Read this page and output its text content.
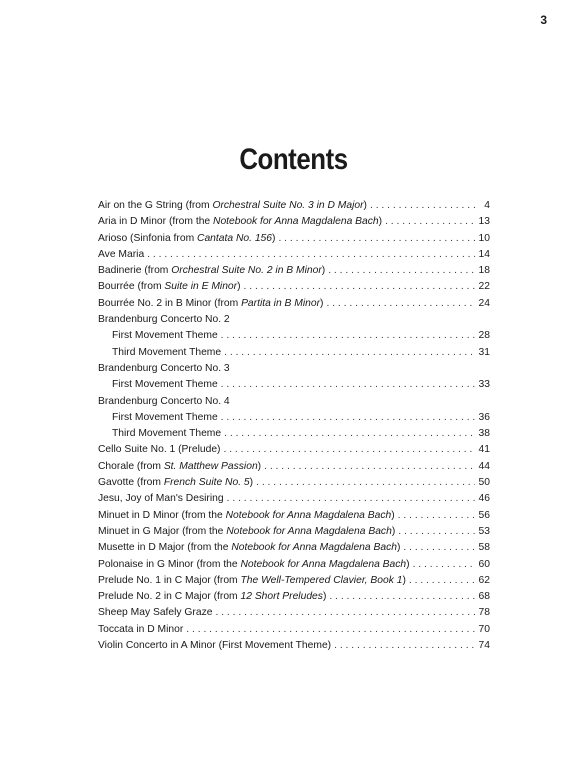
3
Contents
Air on the G String (from Orchestral Suite No. 3 in D Major) . . .	4
Aria in D Minor (from the Notebook for Anna Magdalena Bach) . . .	13
Arioso (Sinfonia from Cantata No. 156) . . .	10
Ave Maria . . .	14
Badinerie (from Orchestral Suite No. 2 in B Minor) . . .	18
Bourrée (from Suite in E Minor) . . .	22
Bourrée No. 2 in B Minor (from Partita in B Minor) . . .	24
Brandenburg Concerto No. 2
First Movement Theme . . .	28
Third Movement Theme . . .	31
Brandenburg Concerto No. 3
First Movement Theme . . .	33
Brandenburg Concerto No. 4
First Movement Theme . . .	36
Third Movement Theme . . .	38
Cello Suite No. 1 (Prelude) . . .	41
Chorale (from St. Matthew Passion) . . .	44
Gavotte (from French Suite No. 5) . . .	50
Jesu, Joy of Man's Desiring . . .	46
Minuet in D Minor (from the Notebook for Anna Magdalena Bach) . . .	56
Minuet in G Major (from the Notebook for Anna Magdalena Bach) . . .	53
Musette in D Major (from the Notebook for Anna Magdalena Bach) . . .	58
Polonaise in G Minor (from the Notebook for Anna Magdalena Bach) . . .	60
Prelude No. 1 in C Major (from The Well-Tempered Clavier, Book 1) . . .	62
Prelude No. 2 in C Major (from 12 Short Preludes) . . .	68
Sheep May Safely Graze . . .	78
Toccata in D Minor . . .	70
Violin Concerto in A Minor (First Movement Theme) . . .	74
